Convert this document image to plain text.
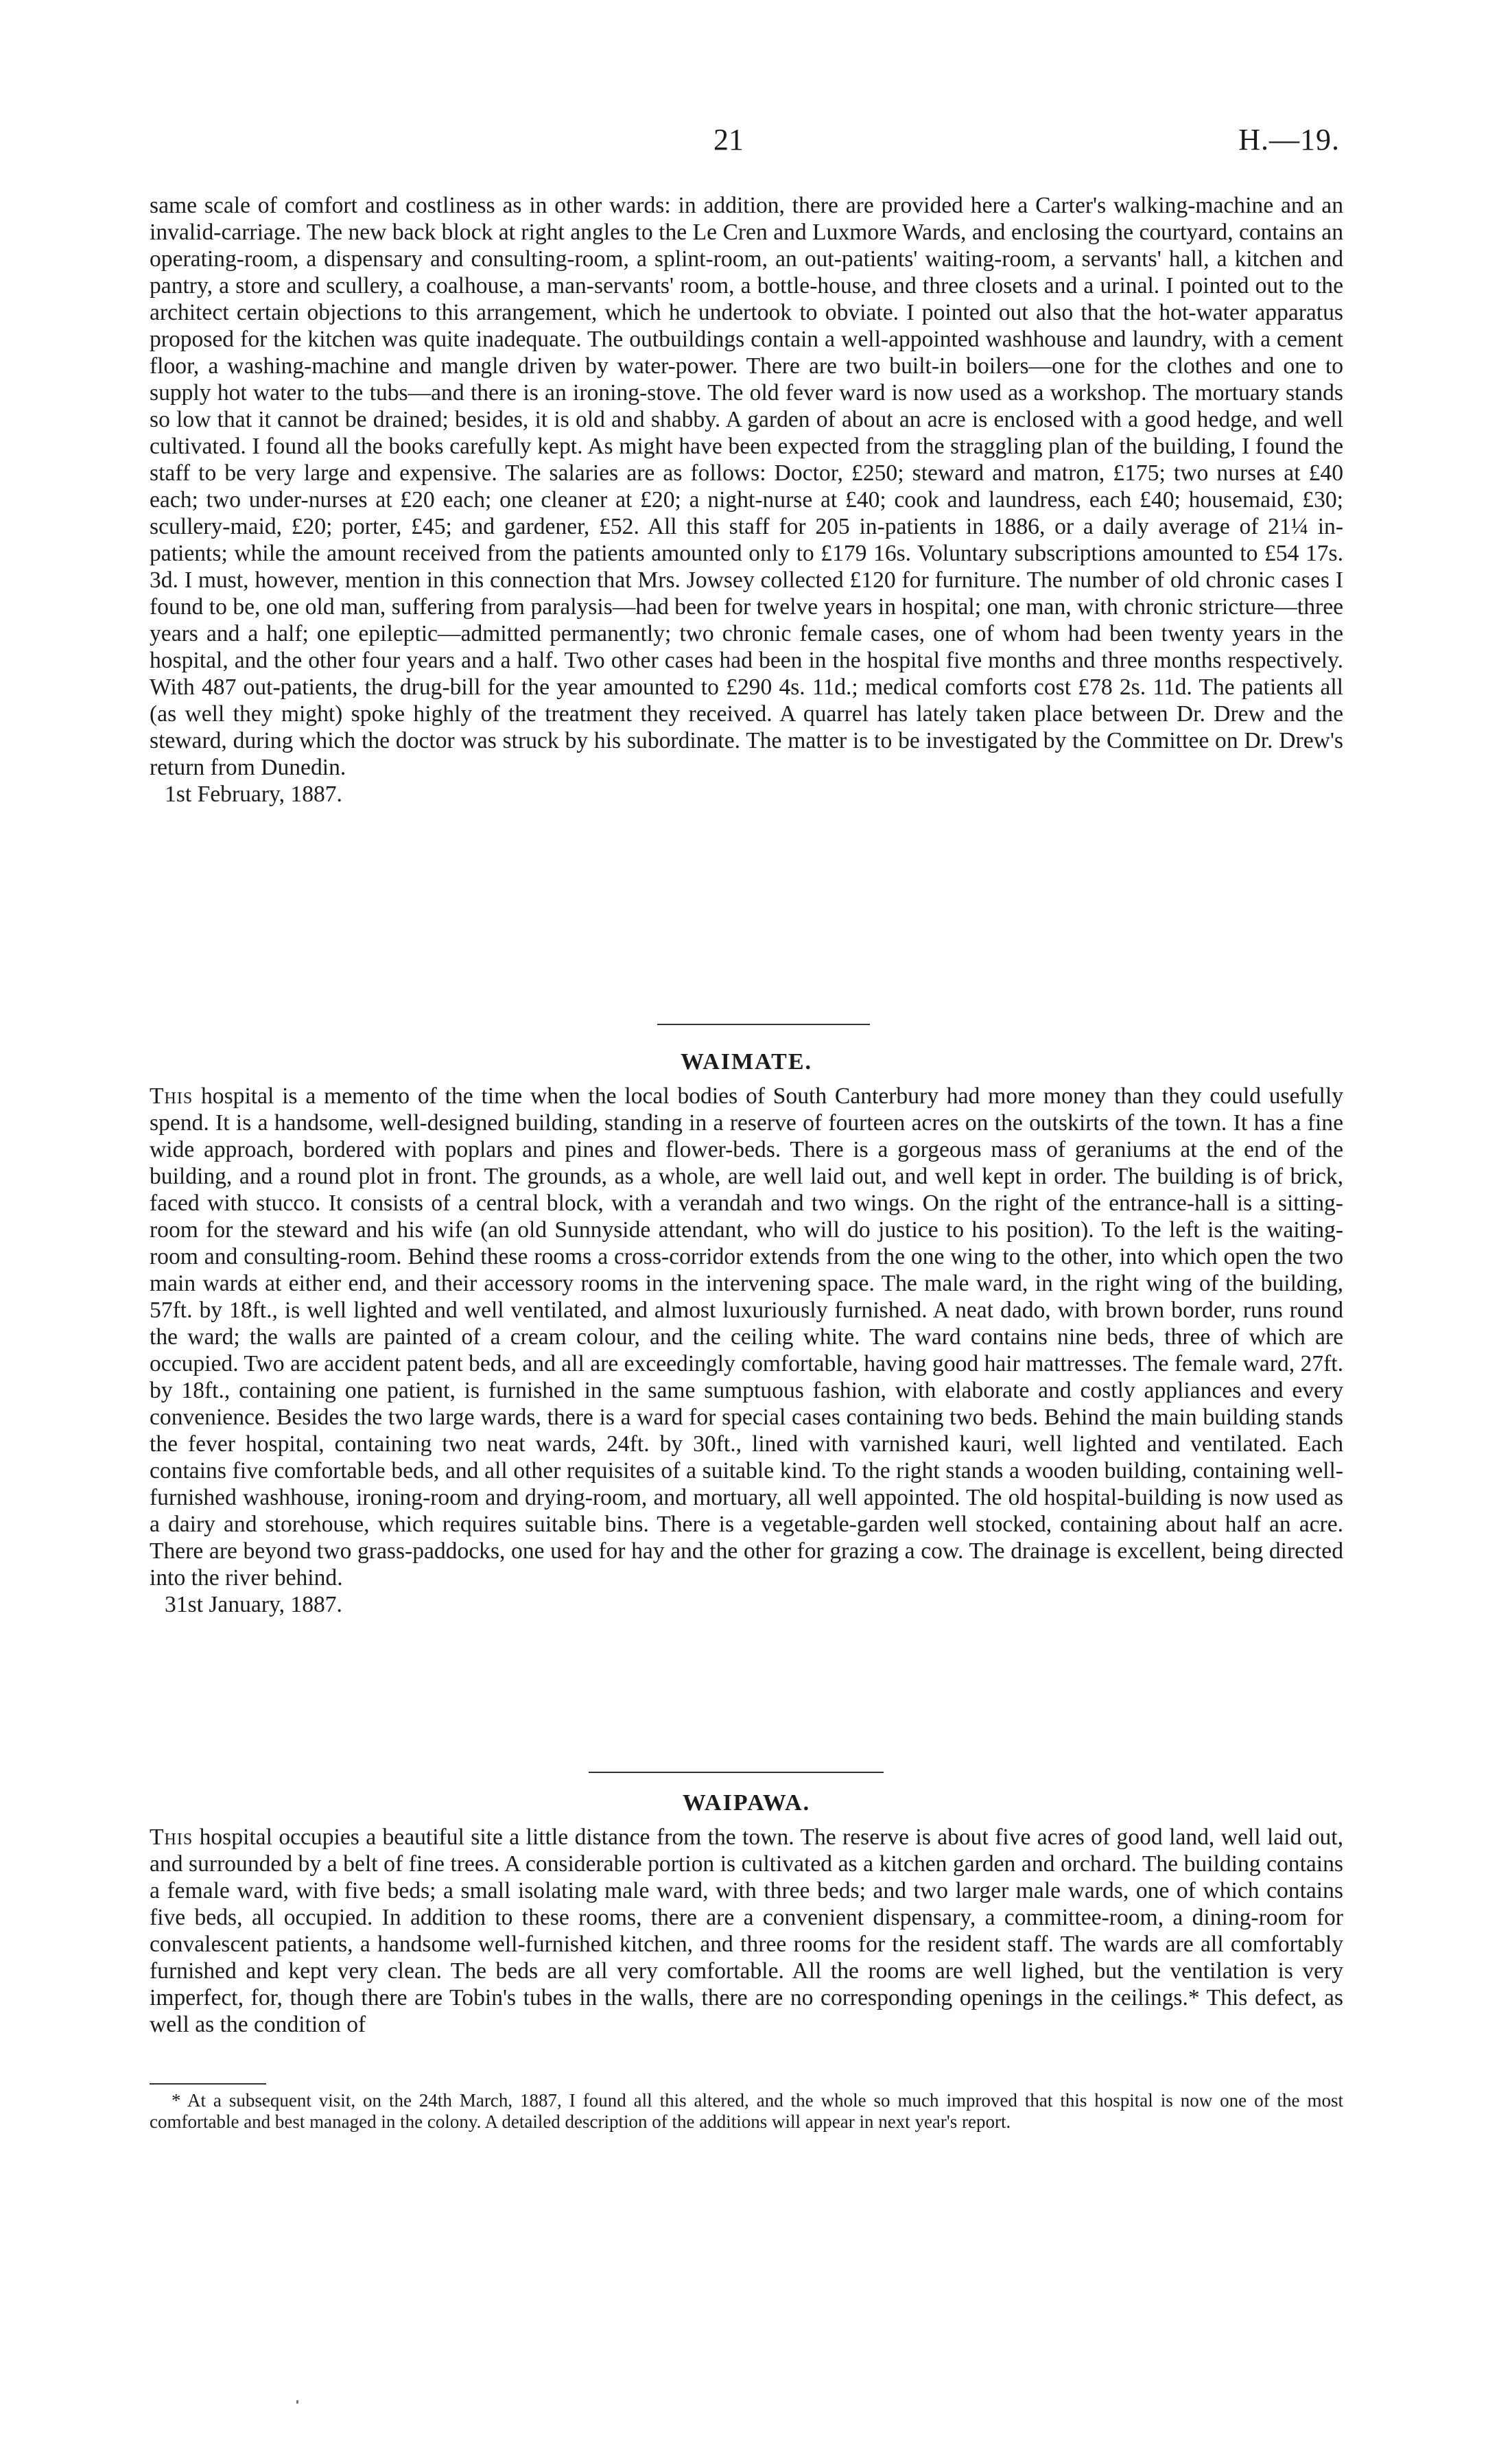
21	H.—19.

same scale of comfort and costliness as in other wards: in addition, there are provided here a Carter's walking-machine and an invalid-carriage. The new back block at right angles to the Le Cren and Luxmore Wards, and enclosing the courtyard, contains an operating-room, a dispensary and consulting-room, a splint-room, an out-patients' waiting-room, a servants' hall, a kitchen and pantry, a store and scullery, a coalhouse, a man-servants' room, a bottle-house, and three closets and a urinal. I pointed out to the architect certain objections to this arrangement, which he undertook to obviate. I pointed out also that the hot-water apparatus proposed for the kitchen was quite inadequate. The outbuildings contain a well-appointed washhouse and laundry, with a cement floor, a washing-machine and mangle driven by water-power. There are two built-in boilers—one for the clothes and one to supply hot water to the tubs—and there is an ironing-stove. The old fever ward is now used as a workshop. The mortuary stands so low that it cannot be drained; besides, it is old and shabby. A garden of about an acre is enclosed with a good hedge, and well cultivated. I found all the books carefully kept. As might have been expected from the straggling plan of the building, I found the staff to be very large and expensive. The salaries are as follows: Doctor, £250; steward and matron, £175; two nurses at £40 each; two under-nurses at £20 each; one cleaner at £20; a night-nurse at £40; cook and laundress, each £40; housemaid, £30; scullery-maid, £20; porter, £45; and gardener, £52. All this staff for 205 in-patients in 1886, or a daily average of 21¼ in-patients; while the amount received from the patients amounted only to £179 16s. Voluntary subscriptions amounted to £54 17s. 3d. I must, however, mention in this connection that Mrs. Jowsey collected £120 for furniture. The number of old chronic cases I found to be, one old man, suffering from paralysis—had been for twelve years in hospital; one man, with chronic stricture—three years and a half; one epileptic—admitted permanently; two chronic female cases, one of whom had been twenty years in the hospital, and the other four years and a half. Two other cases had been in the hospital five months and three months respectively. With 487 out-patients, the drug-bill for the year amounted to £290 4s. 11d.; medical comforts cost £78 2s. 11d. The patients all (as well they might) spoke highly of the treatment they received. A quarrel has lately taken place between Dr. Drew and the steward, during which the doctor was struck by his subordinate. The matter is to be investigated by the Committee on Dr. Drew's return from Dunedin.

1st February, 1887.

WAIMATE.

This hospital is a memento of the time when the local bodies of South Canterbury had more money than they could usefully spend. It is a handsome, well-designed building, standing in a reserve of fourteen acres on the outskirts of the town. It has a fine wide approach, bordered with poplars and pines and flower-beds. There is a gorgeous mass of geraniums at the end of the building, and a round plot in front. The grounds, as a whole, are well laid out, and well kept in order. The building is of brick, faced with stucco. It consists of a central block, with a verandah and two wings. On the right of the entrance-hall is a sitting-room for the steward and his wife (an old Sunnyside attendant, who will do justice to his position). To the left is the waiting-room and consulting-room. Behind these rooms a cross-corridor extends from the one wing to the other, into which open the two main wards at either end, and their accessory rooms in the intervening space. The male ward, in the right wing of the building, 57ft. by 18ft., is well lighted and well ventilated, and almost luxuriously furnished. A neat dado, with brown border, runs round the ward; the walls are painted of a cream colour, and the ceiling white. The ward contains nine beds, three of which are occupied. Two are accident patent beds, and all are exceedingly comfortable, having good hair mattresses. The female ward, 27ft. by 18ft., containing one patient, is furnished in the same sumptuous fashion, with elaborate and costly appliances and every convenience. Besides the two large wards, there is a ward for special cases containing two beds. Behind the main building stands the fever hospital, containing two neat wards, 24ft. by 30ft., lined with varnished kauri, well lighted and ventilated. Each contains five comfortable beds, and all other requisites of a suitable kind. To the right stands a wooden building, containing well-furnished washhouse, ironing-room and drying-room, and mortuary, all well appointed. The old hospital-building is now used as a dairy and storehouse, which requires suitable bins. There is a vegetable-garden well stocked, containing about half an acre. There are beyond two grass-paddocks, one used for hay and the other for grazing a cow. The drainage is excellent, being directed into the river behind.

31st January, 1887.

WAIPAWA.

This hospital occupies a beautiful site a little distance from the town. The reserve is about five acres of good land, well laid out, and surrounded by a belt of fine trees. A considerable portion is cultivated as a kitchen garden and orchard. The building contains a female ward, with five beds; a small isolating male ward, with three beds; and two larger male wards, one of which contains five beds, all occupied. In addition to these rooms, there are a convenient dispensary, a committee-room, a dining-room for convalescent patients, a handsome well-furnished kitchen, and three rooms for the resident staff. The wards are all comfortably furnished and kept very clean. The beds are all very comfortable. All the rooms are well lighed, but the ventilation is very imperfect, for, though there are Tobin's tubes in the walls, there are no corresponding openings in the ceilings.* This defect, as well as the condition of

* At a subsequent visit, on the 24th March, 1887, I found all this altered, and the whole so much improved that this hospital is now one of the most comfortable and best managed in the colony. A detailed description of the additions will appear in next year's report.
